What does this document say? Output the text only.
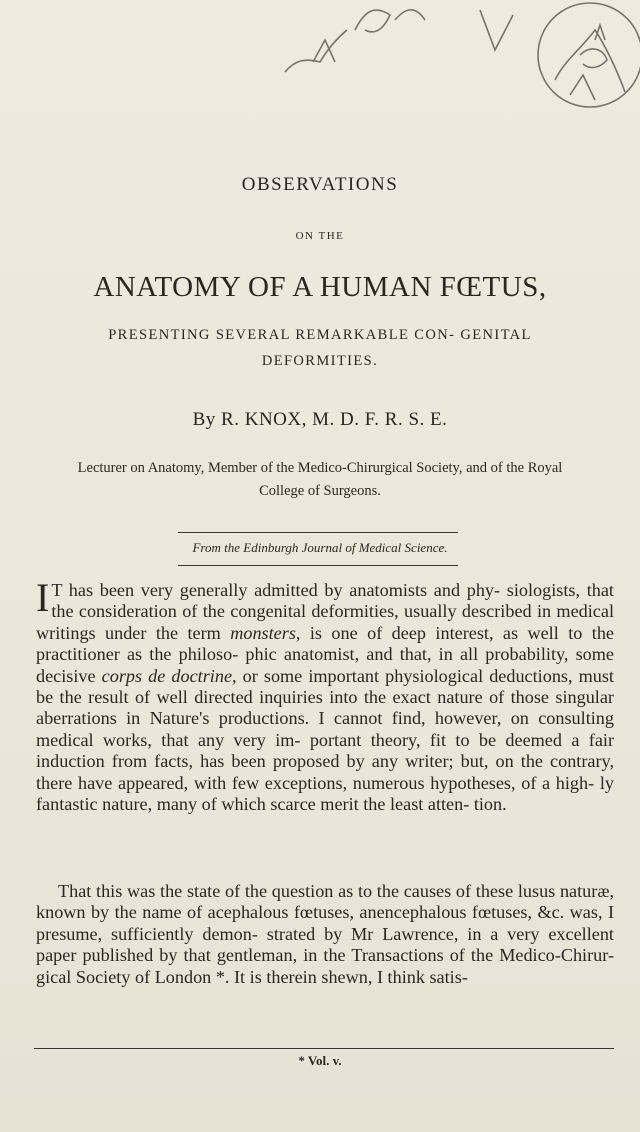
OBSERVATIONS
ON THE
ANATOMY OF A HUMAN FŒTUS,
PRESENTING SEVERAL REMARKABLE CON- GENITAL DEFORMITIES.
By R. KNOX, M. D. F. R. S. E.
Lecturer on Anatomy, Member of the Medico-Chirurgical Society, and of the Royal College of Surgeons.
From the Edinburgh Journal of Medical Science.

I T has been very generally admitted by anatomists and phy- siologists, that the consideration of the congenital deformities, usually described in medical writings under the term monsters, is one of deep interest, as well to the practitioner as the philoso- phic anatomist, and that, in all probability, some decisive corps de doctrine, or some important physiological deductions, must be the result of well directed inquiries into the exact nature of those singular aberrations in Nature's productions. I cannot find, however, on consulting medical works, that any very im- portant theory, fit to be deemed a fair induction from facts, has been proposed by any writer; but, on the contrary, there have appeared, with few exceptions, numerous hypotheses, of a high- ly fantastic nature, many of which scarce merit the least atten- tion.

That this was the state of the question as to the causes of these lusus naturæ, known by the name of acephalous fœtuses, anencephalous fœtuses, &c. was, I presume, sufficiently demon- strated by Mr Lawrence, in a very excellent paper published by that gentleman, in the Transactions of the Medico-Chirur- gical Society of London *. It is therein shewn, I think satis-

* Vol. v.
